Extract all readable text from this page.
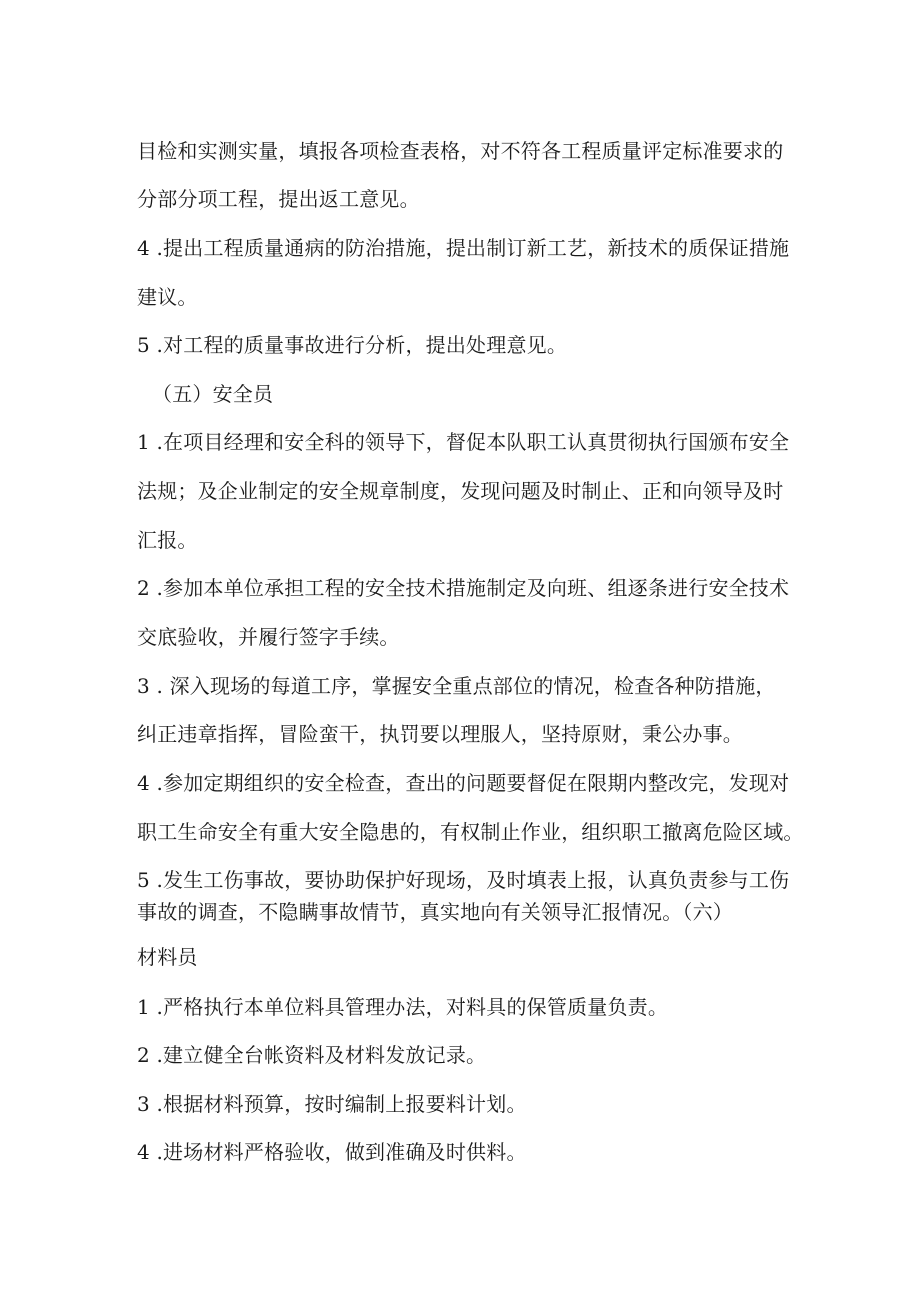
目检和实测实量，填报各项检查表格，对不符各工程质量评定标准要求的
分部分项工程，提出返工意见。
4 .提出工程质量通病的防治措施，提出制订新工艺，新技术的质保证措施
建议。
5 .对工程的质量事故进行分析，提出处理意见。
（五）安全员
1 .在项目经理和安全科的领导下，督促本队职工认真贯彻执行国颁布安全
法规；及企业制定的安全规章制度，发现问题及时制止、正和向领导及时
汇报。
2 .参加本单位承担工程的安全技术措施制定及向班、组逐条进行安全技术
交底验收，并履行签字手续。
3 . 深入现场的每道工序，掌握安全重点部位的情况，检查各种防措施，
纠正违章指挥，冒险蛮干，执罚要以理服人，坚持原财，秉公办事。
4 .参加定期组织的安全检查，查出的问题要督促在限期内整改完，发现对
职工生命安全有重大安全隐患的，有权制止作业，组织职工撤离危险区域。
5 .发生工伤事故，要协助保护好现场，及时填表上报，认真负责参与工伤
事故的调查，不隐瞒事故情节，真实地向有关领导汇报情况。（六）
材料员
1 .严格执行本单位料具管理办法，对料具的保管质量负责。
2 .建立健全台帐资料及材料发放记录。
3 .根据材料预算，按时编制上报要料计划。
4 .进场材料严格验收，做到准确及时供料。
